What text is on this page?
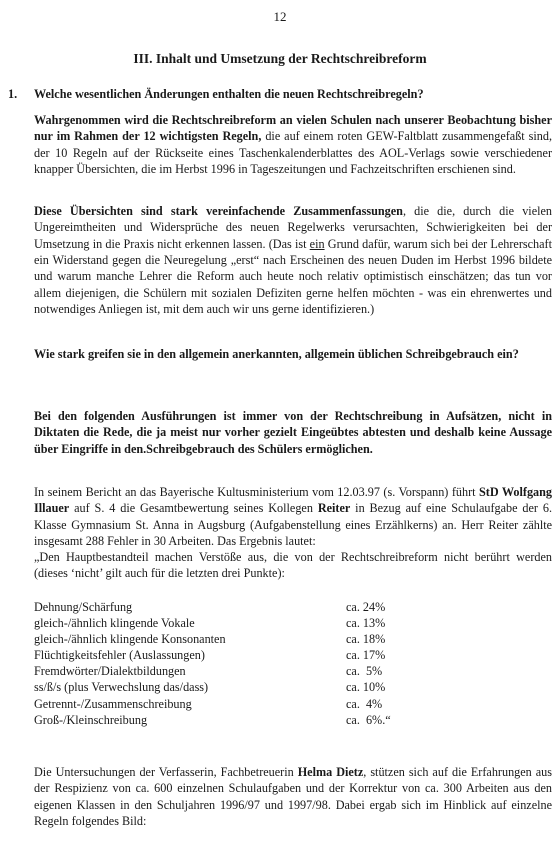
12
III. Inhalt und Umsetzung der Rechtschreibreform
1. Welche wesentlichen Änderungen enthalten die neuen Rechtschreibregeln?

Wahrgenommen wird die Rechtschreibreform an vielen Schulen nach unserer Beobachtung bisher nur im Rahmen der 12 wichtigsten Regeln, die auf einem roten GEW-Faltblatt zusammengefaßt sind, der 10 Regeln auf der Rückseite eines Taschenkalenderblattes des AOL-Verlags sowie verschiedener knapper Übersichten, die im Herbst 1996 in Tageszeitungen und Fachzeitschriften erschienen sind.

Diese Übersichten sind stark vereinfachende Zusammenfassungen, die die, durch die vielen Ungereimtheiten und Widersprüche des neuen Regelwerks verursachten, Schwierigkeiten bei der Umsetzung in die Praxis nicht erkennen lassen. (Das ist ein Grund dafür, warum sich bei der Lehrerschaft ein Widerstand gegen die Neuregelung „erst“ nach Erscheinen des neuen Duden im Herbst 1996 bildete und warum manche Lehrer die Reform auch heute noch relativ optimistisch einschätzen; das tun vor allem diejenigen, die Schülern mit sozialen Defiziten gerne helfen möchten - was ein ehrenwertes und notwendiges Anliegen ist, mit dem auch wir uns gerne identifizieren.)

Wie stark greifen sie in den allgemein anerkannten, allgemein üblichen Schreibgebrauch ein?

Bei den folgenden Ausführungen ist immer von der Rechtschreibung in Aufsätzen, nicht in Diktaten die Rede, die ja meist nur vorher gezielt Eingeübtes abtesten und deshalb keine Aussage über Eingriffe in den.Schreibgebrauch des Schülers ermöglichen.

In seinem Bericht an das Bayerische Kultusministerium vom 12.03.97 (s. Vorspann) führt StD Wolfgang Illauer auf S. 4 die Gesamtbewertung seines Kollegen Reiter in Bezug auf eine Schulaufgabe der 6. Klasse Gymnasium St. Anna in Augsburg (Aufgabenstellung eines Erzählkerns) an. Herr Reiter zählte insgesamt 288 Fehler in 30 Arbeiten. Das Ergebnis lautet:

„Den Hauptbestandteil machen Verstöße aus, die von der Rechtschreibreform nicht berührt werden (dieses ‘nicht’ gilt auch für die letzten drei Punkte):

Dehnung/Schärfung	ca. 24%
gleich-/ähnlich klingende Vokale	ca. 13%
gleich-/ähnlich klingende Konsonanten	ca. 18%
Flüchtigkeitsfehler (Auslassungen)	ca. 17%
Fremdwörter/Dialektbildungen	ca.  5%
ss/ß/s (plus Verwechslung das/dass)	ca. 10%
Getrennt-/Zusammenschreibung	ca.  4%
Groß-/Kleinschreibung	ca.  6%.“

Die Untersuchungen der Verfasserin, Fachbetreuerin Helma Dietz, stützen sich auf die Erfahrungen aus der Respizienz von ca. 600 einzelnen Schulaufgaben und der Korrektur von ca. 300 Arbeiten aus den eigenen Klassen in den Schuljahren 1996/97 und 1997/98. Dabei ergab sich im Hinblick auf einzelne Regeln folgendes Bild:
